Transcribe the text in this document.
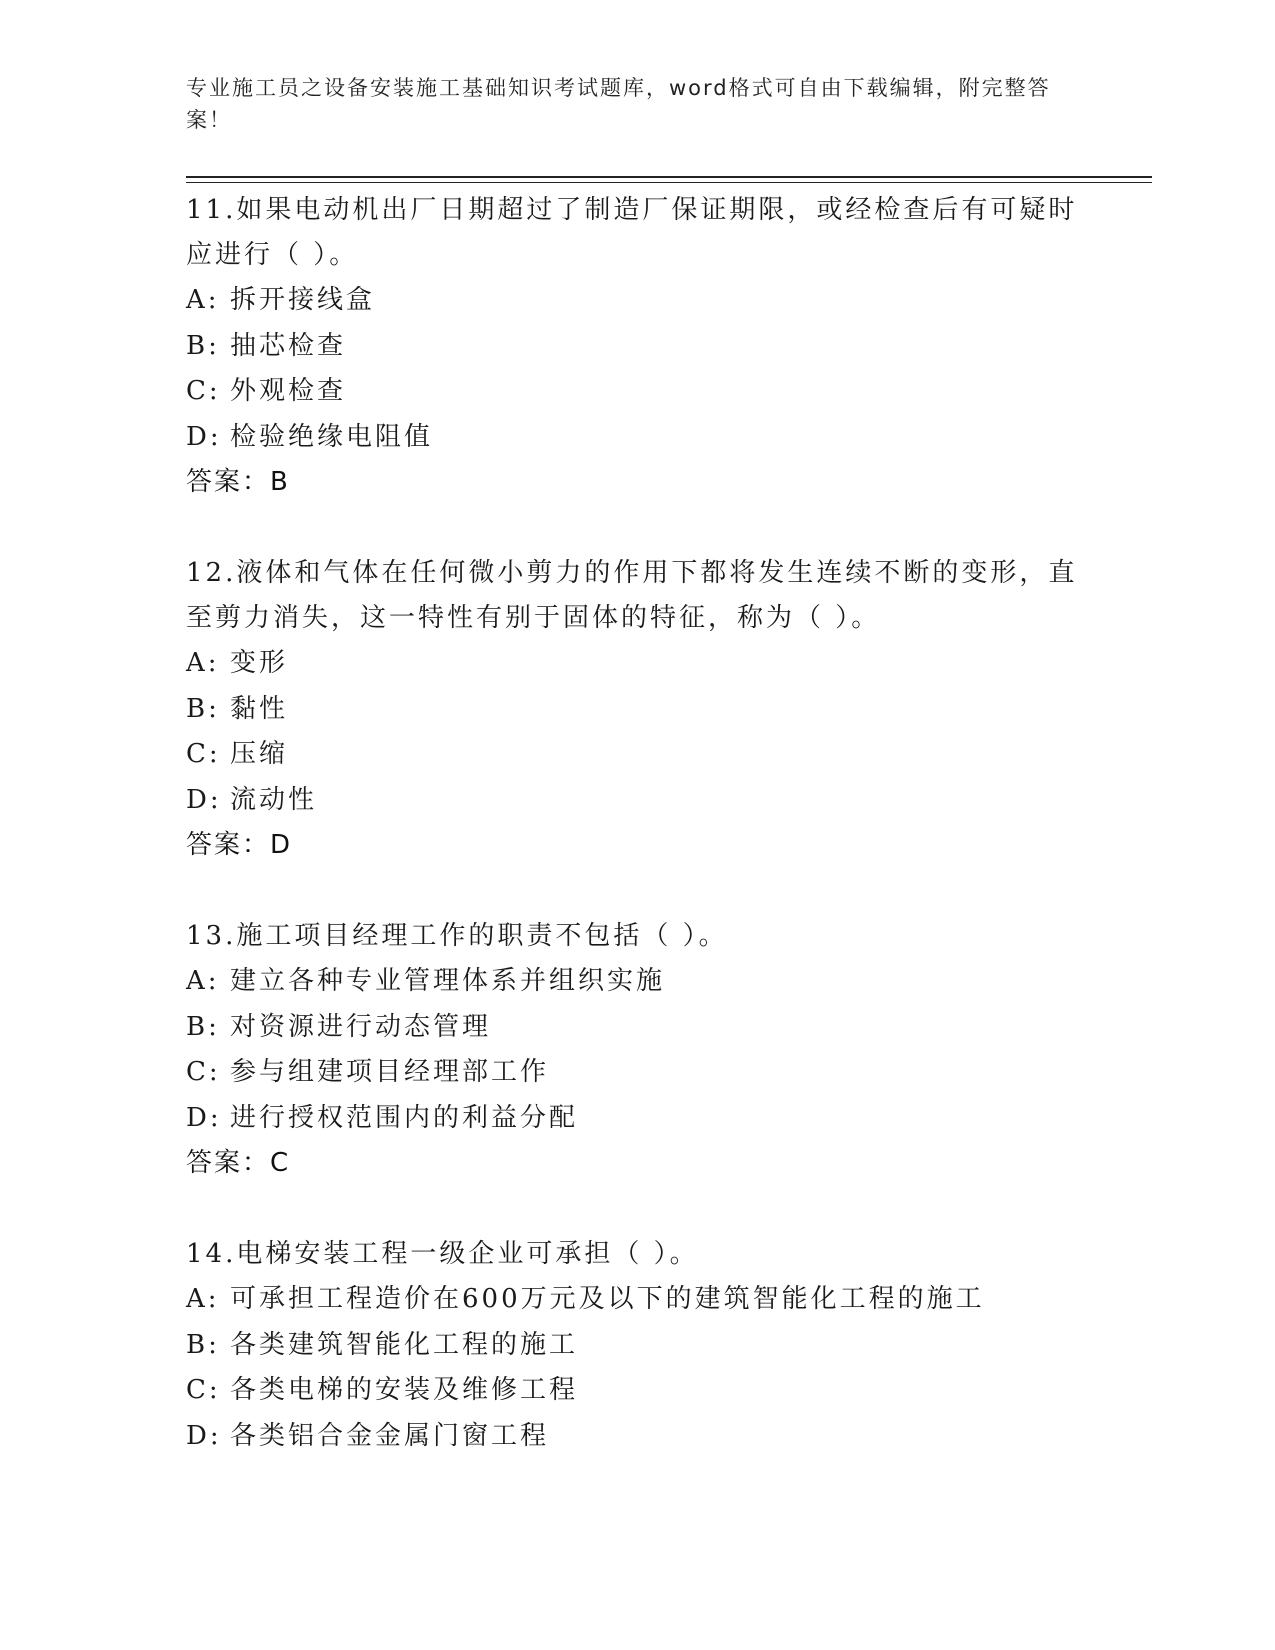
专业施工员之设备安装施工基础知识考试题库，word格式可自由下载编辑，附完整答案！

11.如果电动机出厂日期超过了制造厂保证期限，或经检查后有可疑时应进行（ ）。

A: 拆开接线盒
B: 抽芯检查
C: 外观检查
D: 检验绝缘电阻值
答案：B

12.液体和气体在任何微小剪力的作用下都将发生连续不断的变形，直至剪力消失，这一特性有别于固体的特征，称为（ ）。

A: 变形
B: 黏性
C: 压缩
D: 流动性
答案：D

13.施工项目经理工作的职责不包括（ ）。

A: 建立各种专业管理体系并组织实施
B: 对资源进行动态管理
C: 参与组建项目经理部工作
D: 进行授权范围内的利益分配
答案：C

14.电梯安装工程一级企业可承担（ ）。

A: 可承担工程造价在600万元及以下的建筑智能化工程的施工
B: 各类建筑智能化工程的施工
C: 各类电梯的安装及维修工程
D: 各类铝合金金属门窗工程
